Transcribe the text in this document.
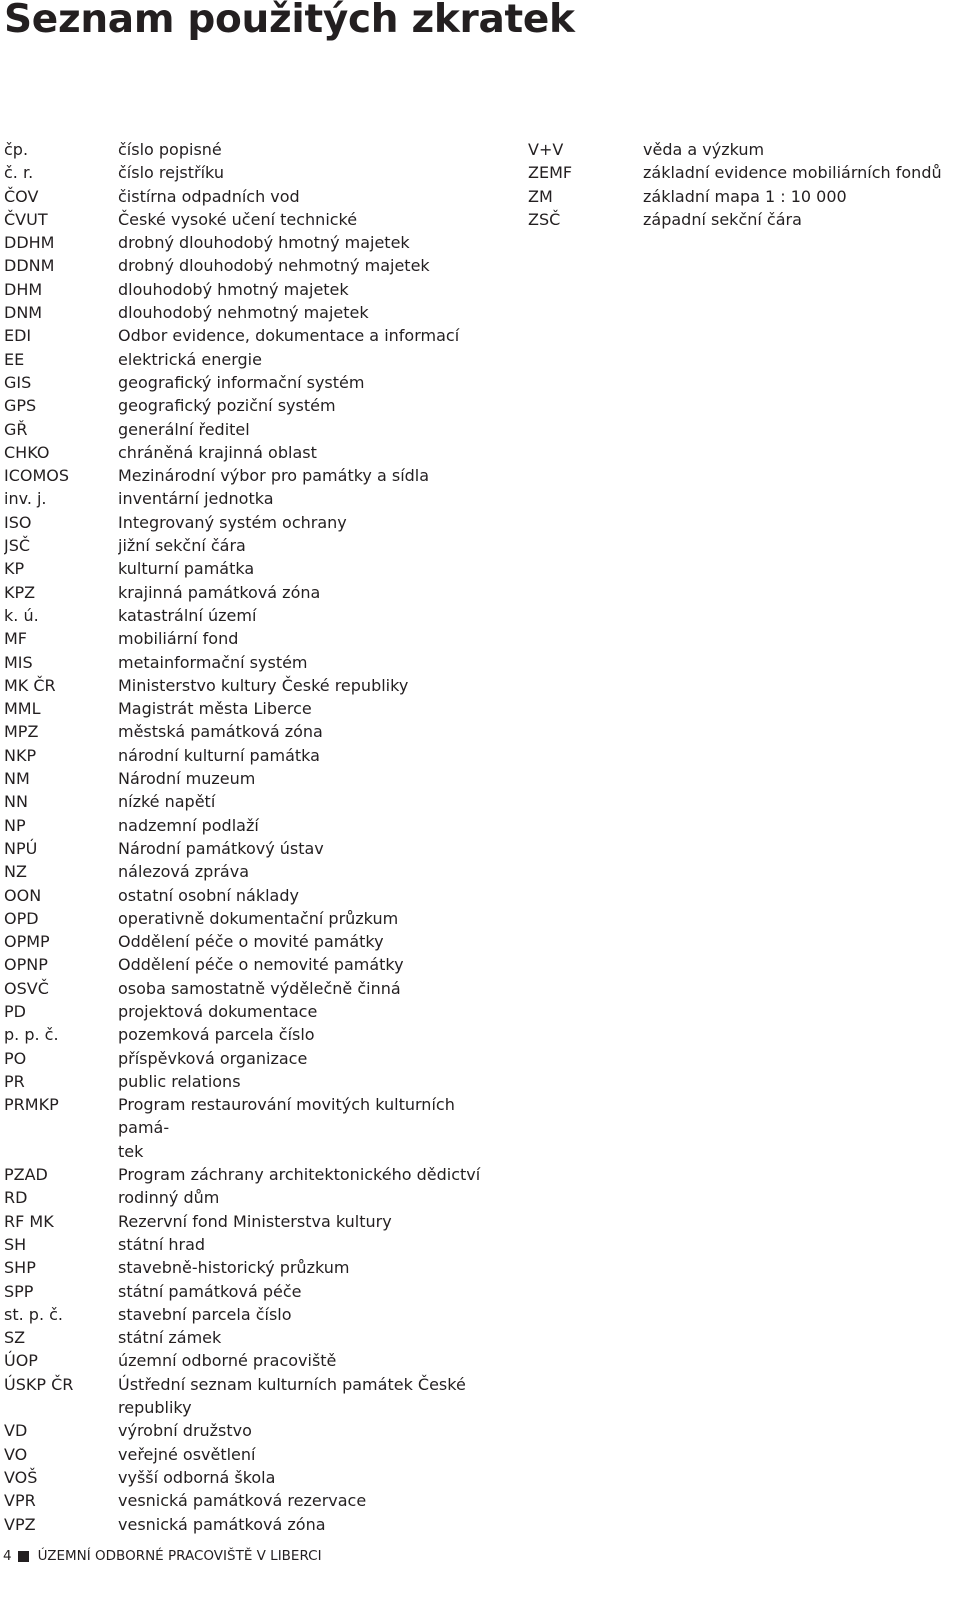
Seznam použitých zkratek
čp.	číslo popisné
č. r.	číslo rejstříku
ČOV	čistírna odpadních vod
ČVUT	České vysoké učení technické
DDHM	drobný dlouhodobý hmotný majetek
DDNM	drobný dlouhodobý nehmotný majetek
DHM	dlouhodobý hmotný majetek
DNM	dlouhodobý nehmotný majetek
EDI	Odbor evidence, dokumentace a informací
EE	elektrická energie
GIS	geografický informační systém
GPS	geografický poziční systém
GŘ	generální ředitel
CHKO	chráněná krajinná oblast
ICOMOS	Mezinárodní výbor pro památky a sídla
inv. j.	inventární jednotka
ISO	Integrovaný systém ochrany
JSČ	jižní sekční čára
KP	kulturní památka
KPZ	krajinná památková zóna
k. ú.	katastrální území
MF	mobiliární fond
MIS	metainformační systém
MK ČR	Ministerstvo kultury České republiky
MML	Magistrát města Liberce
MPZ	městská památková zóna
NKP	národní kulturní památka
NM	Národní muzeum
NN	nízké napětí
NP	nadzemní podlaží
NPÚ	Národní památkový ústav
NZ	nálezová zpráva
OON	ostatní osobní náklady
OPD	operativně dokumentační průzkum
OPMP	Oddělení péče o movité památky
OPNP	Oddělení péče o nemovité památky
OSVČ	osoba samostatně výdělečně činná
PD	projektová dokumentace
p. p. č.	pozemková parcela číslo
PO	příspěvková organizace
PR	public relations
PRMKP	Program restaurování movitých kulturních pamá-
tek
PZAD	Program záchrany architektonického dědictví
RD	rodinný dům
RF MK	Rezervní fond Ministerstva kultury
SH	státní hrad
SHP	stavebně-historický průzkum
SPP	státní památková péče
st. p. č.	stavební parcela číslo
SZ	státní zámek
ÚOP	územní odborné pracoviště
ÚSKP ČR	Ústřední seznam kulturních památek České
republiky
VD	výrobní družstvo
VO	veřejné osvětlení
VOŠ	vyšší odborná škola
VPR	vesnická památková rezervace
VPZ	vesnická památková zóna
V+V	věda a výzkum
ZEMF	základní evidence mobiliárních fondů
ZM	základní mapa 1 : 10 000
ZSČ	západní sekční čára
4 ÚZEMNÍ ODBORNÉ PRACOVIŠTĚ V LIBERCI
